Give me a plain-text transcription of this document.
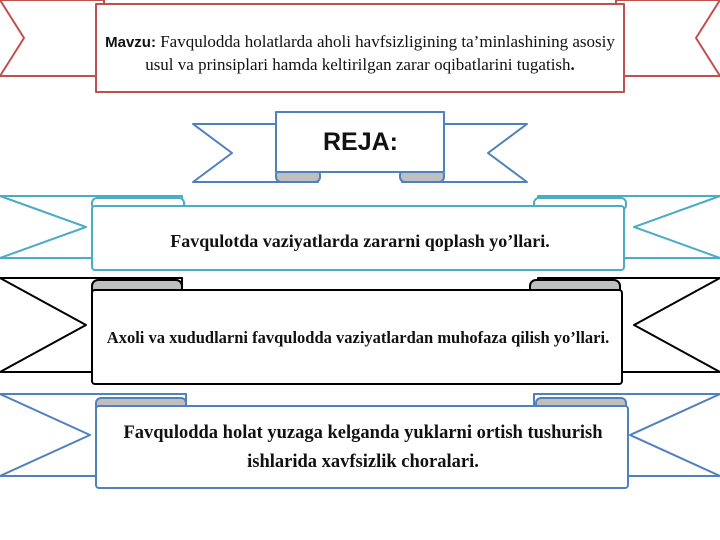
Mavzu: Favqulodda holatlarda aholi havfsizligining ta’minlashining asosiy usul va prinsiplari hamda keltirilgan zarar oqibatlarini tugatish.
REJA:
Favqulotda vaziyatlarda zararni qoplash yo’llari.
Axoli va xududlarni favqulodda vaziyatlardan muhofaza qilish yo’llari.
Favqulodda holat yuzaga kelganda yuklarni ortish tushurish ishlarida xavfsizlik choralari.
